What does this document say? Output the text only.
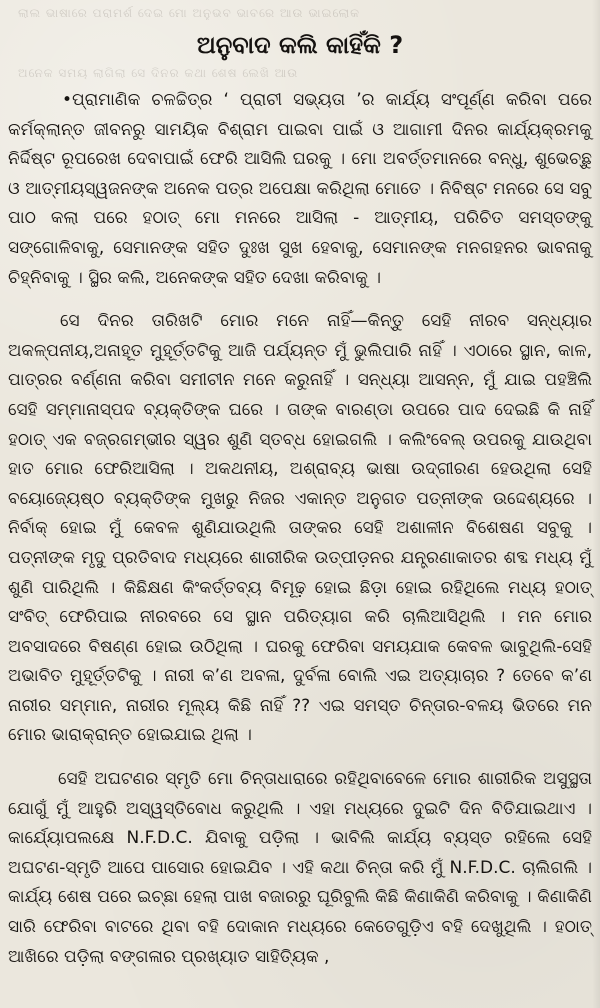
ଲାଲ ଭାଷାରେ ପରାମର୍ଶ ଦେଇ ମୋ ଅନୁଭବ ଭାବରେ ଆଉ ଭାଇଲୋକ
ଅନେକ ସମୟ ଲାଗିଲା ସେ ଦିନର କଥା ଶେଷ ଲେଖି ଆଉ
ଅନୁବାଦ କଲି କାହିଁକି ?

•ପ୍ରାମାଣିକ ଚଳଚ୍ଚିତ୍ର ‘ ପ୍ରାଚୀ ସଭ୍ୟତା ’ର କାର୍ଯ୍ୟ ସଂପୂର୍ଣ୍ଣ କରିବା ପରେ କର୍ମକ୍ଲାନ୍ତ ଜୀବନରୁ ସାମୟିକ ବିଶ୍ରାମ ପାଇବା ପାଇଁ ଓ ଆଗାମୀ ଦିନର କାର୍ଯ୍ୟକ୍ରମକୁ ନିର୍ଦ୍ଦିଷ୍ଟ ରୂପରେଖ ଦେବାପାଇଁ ଫେରି ଆସିଲି ଘରକୁ । ମୋ ଅବର୍ତ୍ତମାନରେ ବନ୍ଧୁ, ଶୁଭେଚ୍ଛୁ ଓ ଆତ୍ମୀୟସ୍ୱଜନଙ୍କ ଅନେକ ପତ୍ର ଅପେକ୍ଷା କରିଥିଲା ମୋତେ । ନିବିଷ୍ଟ ମନରେ ସେ ସବୁ ପାଠ କଲା ପରେ ହଠାତ୍ ମୋ ମନରେ ଆସିଲା - ଆତ୍ମୀୟ, ପରିଚିତ ସମସ୍ତଙ୍କୁ ସଙ୍ଗୋଳିବାକୁ, ସେମାନଙ୍କ ସହିତ ଦୁଃଖ ସୁଖ ହେବାକୁ, ସେମାନଙ୍କ ମନଗହନର ଭାବନାକୁ ଚିହ୍ନିବାକୁ । ସ୍ଥିର କଲି, ଅନେକଙ୍କ ସହିତ ଦେଖା କରିବାକୁ ।

ସେ ଦିନର ତାରିଖଟି ମୋର ମନେ ନାହିଁ—କିନ୍ତୁ ସେହି ନୀରବ ସନ୍ଧ୍ୟାର ଅକଳ୍ପନୀୟ,ଅନାହୂତ ମୁହୂର୍ତ୍ତଟିକୁ ଆଜି ପର୍ଯ୍ୟନ୍ତ ମୁଁ ଭୁଲିପାରି ନାହିଁ । ଏଠାରେ ସ୍ଥାନ, କାଳ, ପାତ୍ରର ବର୍ଣ୍ଣନା କରିବା ସମୀଚୀନ ମନେ କରୁନାହିଁ । ସନ୍ଧ୍ୟା ଆସନ୍ନ, ମୁଁ ଯାଇ ପହଞ୍ଚିଲି ସେହି ସମ୍ମାନାସ୍ପଦ ବ୍ୟକ୍ତିଙ୍କ ଘରେ । ତାଙ୍କ ବାରଣ୍ଡା ଉପରେ ପାଦ ଦେଇଛି କି ନାହିଁ ହଠାତ୍ ଏକ ବଜ୍ରଗମ୍ଭୀର ସ୍ୱର ଶୁଣି ସ୍ତବ୍ଧ ହୋଇଗଲି । କଲିଂବେଲ୍ ଉପରକୁ ଯାଉଥିବା ହାତ ମୋର ଫେରିଆସିଲା । ଅକଥନୀୟ, ଅଶ୍ରାବ୍ୟ ଭାଷା ଉଦ୍‌ଗୀରଣ ହେଉଥିଲା ସେହି ବୟୋଜ୍ୟେଷ୍ଠ ବ୍ୟକ୍ତିଙ୍କ ମୁଖରୁ ନିଜର ଏକାନ୍ତ ଅନୁଗତ ପତ୍ନୀଙ୍କ ଉଦ୍ଦେଶ୍ୟରେ । ନିର୍ବାକ୍ ହୋଇ ମୁଁ କେବଳ ଶୁଣିଯାଉଥିଲି ତାଙ୍କର ସେହି ଅଶାଳୀନ ବିଶେଷଣ ସବୁକୁ । ପତ୍ନୀଙ୍କ ମୃଦୁ ପ୍ରତିବାଦ ମଧ୍ୟରେ ଶାରୀରିକ ଉତ୍ପୀଡ଼ନର ଯନ୍ତ୍ରଣାକାତର ଶବ୍ଦ ମଧ୍ୟ ମୁଁ ଶୁଣି ପାରିଥିଲି । କିଛିକ୍ଷଣ କିଂକର୍ତ୍ତବ୍ୟ ବିମୂଢ଼ ହୋଇ ଛିଡ଼ା ହୋଇ ରହିଥିଲେ ମଧ୍ୟ ହଠାତ୍ ସଂବିତ୍ ଫେରିପାଇ ନୀରବରେ ସେ ସ୍ଥାନ ପରିତ୍ୟାଗ କରି ଚାଲିଆସିଥିଲି । ମନ ମୋର ଅବସାଦରେ ବିଷଣ୍ଣ ହୋଇ ଉଠିଥିଲା । ଘରକୁ ଫେରିବା ସମୟଯାକ କେବଳ ଭାବୁଥିଲି-ସେହି ଅଭାବିତ ମୁହୂର୍ତ୍ତଟିକୁ । ନାରୀ କ’ଣ ଅବଳା, ଦୁର୍ବଳା ବୋଲି ଏଇ ଅତ୍ୟାଚାର ? ତେବେ କ’ଣ ନାରୀର ସମ୍ମାନ, ନାରୀର ମୂଲ୍ୟ କିଛି ନାହିଁ ?? ଏଇ ସମସ୍ତ ଚିନ୍ତାର-ବଳୟ ଭିତରେ ମନ ମୋର ଭାରାକ୍ରାନ୍ତ ହୋଇଯାଇ ଥିଲା ।

ସେହି ଅଘଟଣର ସ୍ମୃତି ମୋ ଚିନ୍ତାଧାରାରେ ରହିଥିବାବେଳେ ମୋର ଶାରୀରିକ ଅସୁସ୍ଥତା ଯୋଗୁଁ ମୁଁ ଆହୁରି ଅସ୍ୱସ୍ତିବୋଧ କରୁଥିଲି । ଏହା ମଧ୍ୟରେ ଦୁଇଟି ଦିନ ବିତିଯାଇଥାଏ । କାର୍ଯ୍ୟୋପଲକ୍ଷେ N.F.D.C. ଯିବାକୁ ପଡ଼ିଲା । ଭାବିଲି କାର୍ଯ୍ୟ ବ୍ୟସ୍ତ ରହିଲେ ସେହି ଅଘଟଣ-ସ୍ମୃତି ଆପେ ପାସୋର ହୋଇଯିବ । ଏହି କଥା ଚିନ୍ତା କରି ମୁଁ N.F.D.C. ଚାଲିଗଲି । କାର୍ଯ୍ୟ ଶେଷ ପରେ ଇଚ୍ଛା ହେଲା ପାଖ ବଜାରରୁ ଘୂରିବୁଲି କିଛି କିଣାକିଣି କରିବାକୁ । କିଣାକିଣି ସାରି ଫେରିବା ବାଟରେ ଥିବା ବହି ଦୋକାନ ମଧ୍ୟରେ କେତେଗୁଡ଼ିଏ ବହି ଦେଖୁଥିଲି । ହଠାତ୍ ଆଖିରେ ପଡ଼ିଲା ବଙ୍ଗଳାର ପ୍ରଖ୍ୟାତ ସାହିତ୍ୟିକ ,
